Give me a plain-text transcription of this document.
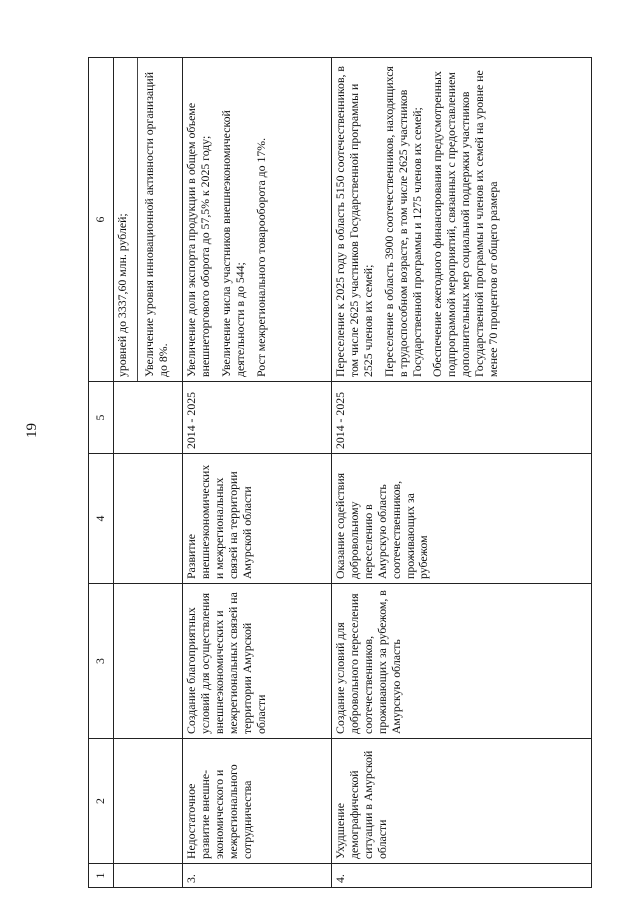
19
1	2	3	4	5	6

					уровней до 3337,60 млн. рублей; Увеличение уровня инновационной активности организаций до 8%.

3.	Недостаточное развитие внешне-экономического и межрегионального сотрудничества	Создание благоприятных условий для осуществления внешнеэкономических и межрегиональных связей на территории Амурской области	Развитие внешнеэкономических и межрегиональных связей на территории Амурской области	2014 - 2025	Увеличение доли экспорта продукции в общем объеме внешнеторгового оборота до 57,5% к 2025 году; Увеличение числа участников внешнеэкономической деятельности в до 544; Рост межрегионального товарооборота до 17%.

4.	Ухудшение демографической ситуации в Амурской области	Создание условий для добровольного переселения соотечественников, проживающих за рубежом, в Амурскую область	Оказание содействия добровольному переселению в Амурскую область соотечественников, проживающих за рубежом	2014 - 2025	Переселение к 2025 году в область 5150 соотечественников, в том числе 2625 участников Государственной программы и 2525 членов их семей; Переселение в область 3900 соотечественников, находящихся в трудоспособном возрасте, в том числе 2625 участников Государственной программы и 1275 членов их семей; Обеспечение ежегодного финансирования предусмотренных подпрограммой мероприятий, связанных с предоставлением дополнительных мер социальной поддержки участников Государственной программы и членов их семей на уровне не менее 70 процентов от общего размера
